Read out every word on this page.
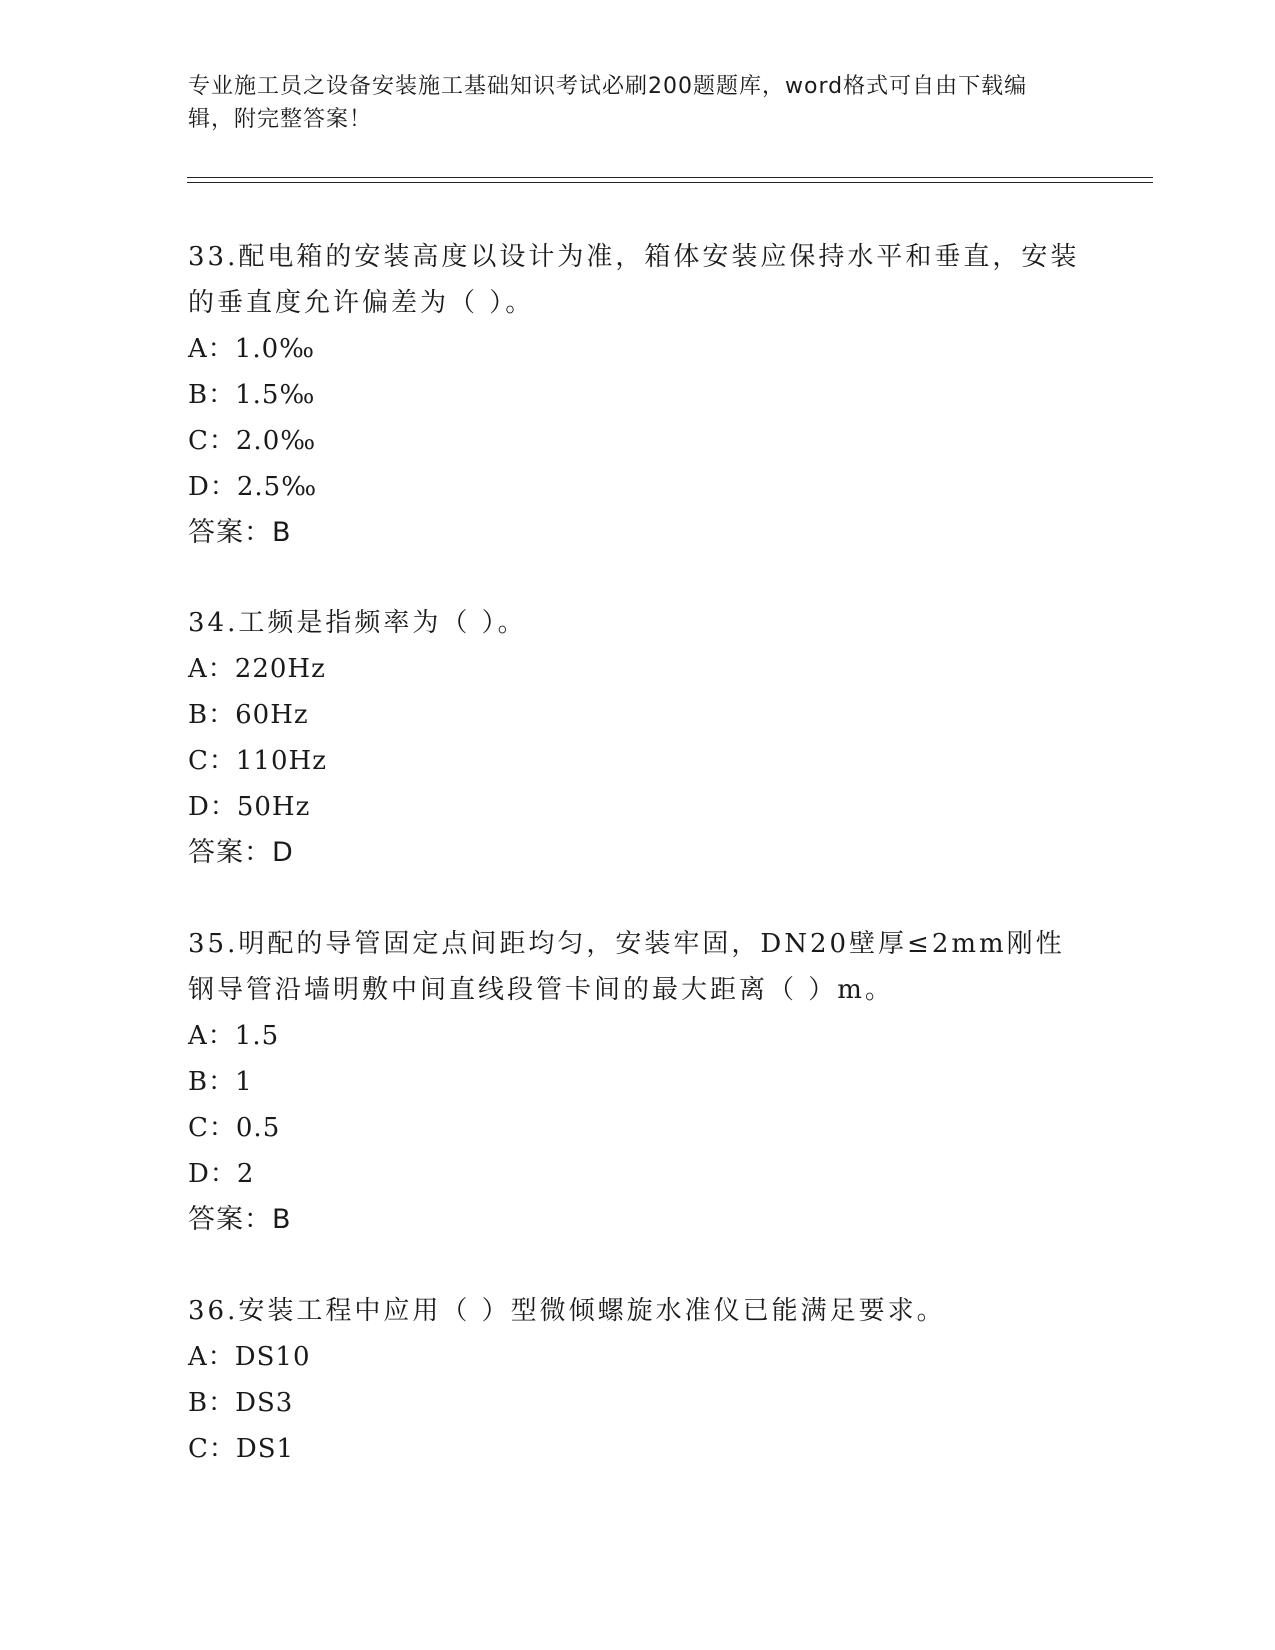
专业施工员之设备安装施工基础知识考试必刷200题题库，word格式可自由下载编辑，附完整答案！

33.配电箱的安装高度以设计为准，箱体安装应保持水平和垂直，安装的垂直度允许偏差为（ ）。

A：1.0‰

B：1.5‰

C：2.0‰

D：2.5‰

答案：B

34.工频是指频率为（ ）。

A：220Hz

B：60Hz

C：110Hz

D：50Hz

答案：D

35.明配的导管固定点间距均匀，安装牢固，DN20壁厚≤2mm刚性钢导管沿墙明敷中间直线段管卡间的最大距离（ ）m。

A：1.5

B：1

C：0.5

D：2

答案：B

36.安装工程中应用（ ）型微倾螺旋水准仪已能满足要求。

A：DS10

B：DS3

C：DS1
